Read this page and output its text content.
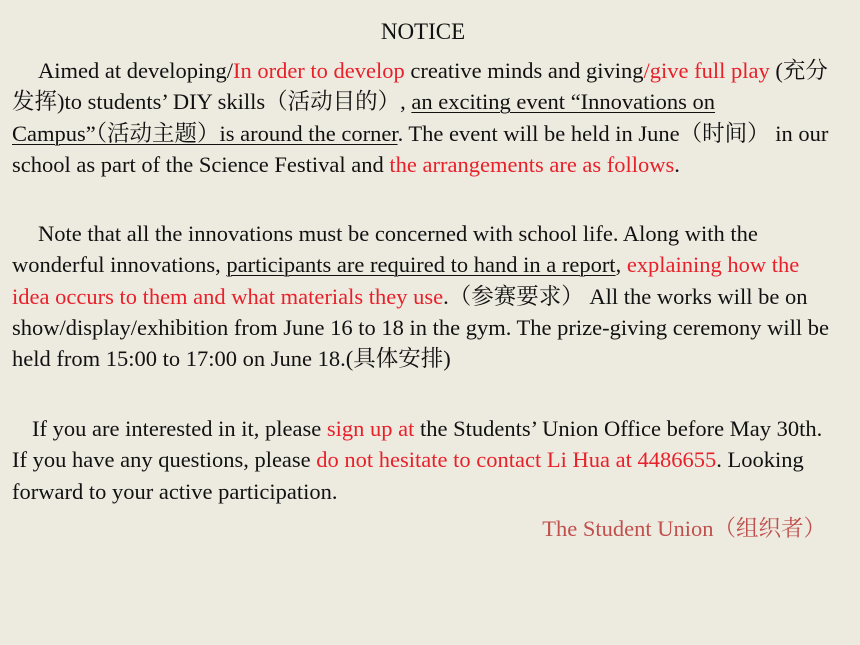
NOTICE

Aimed at developing/In order to develop creative minds and giving/give full play (充分发挥)to students’ DIY skills（活动目的）, an exciting event “Innovations on Campus”（活动主题）is around the corner. The event will be held in June（时间） in our school as part of the Science Festival and the arrangements are as follows.

Note that all the innovations must be concerned with school life. Along with the wonderful innovations, participants are required to hand in a report, explaining how the idea occurs to them and what materials they use.（参赛要求） All the works will be on show/display/exhibition from June 16 to 18 in the gym. The prize-giving ceremony will be held from 15:00 to 17:00 on June 18.(具体安排)

If you are interested in it, please sign up at the Students’ Union Office before May 30th. If you have any questions, please do not hesitate to contact Li Hua at 4486655. Looking forward to your active participation.

The Student Union（组织者）
